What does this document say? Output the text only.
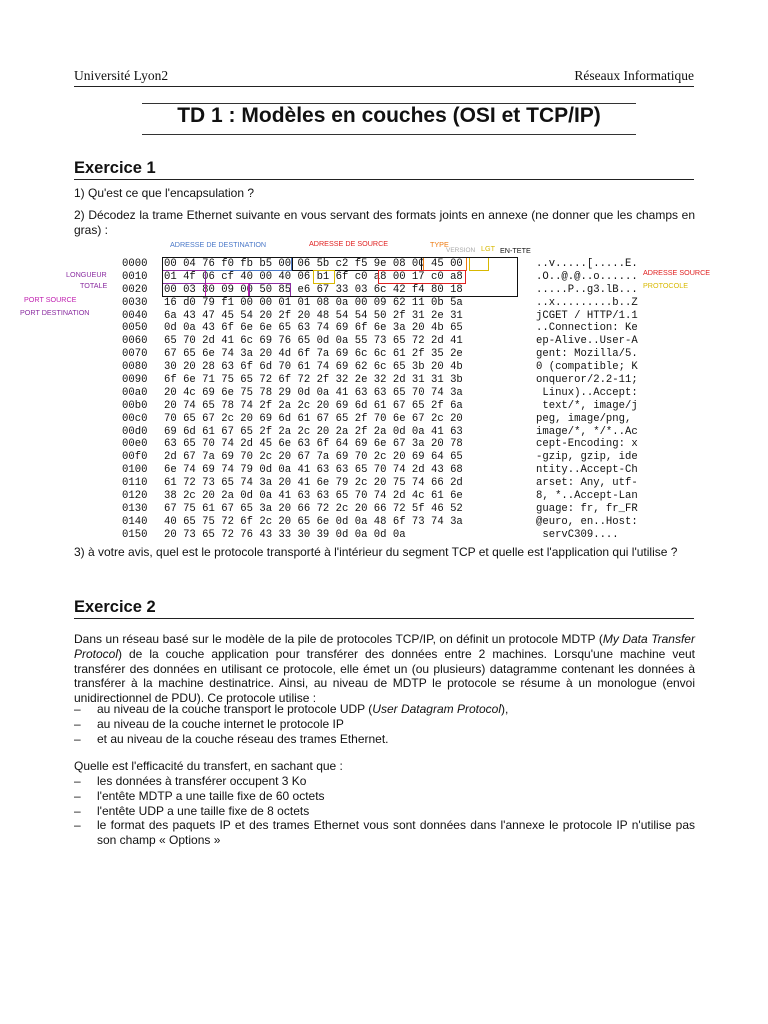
Université Lyon2	Réseaux Informatique
TD 1 : Modèles en couches (OSI et TCP/IP)
Exercice 1
1) Qu'est ce que l'encapsulation ?
2) Décodez la trame Ethernet suivante en vous servant des formats joints en annexe (ne donner que les champs en gras) :
ADRESSE DE DESTINATION	ADRESSE DE SOURCE	TYPE
VERSION LGT EN-TETE
LONGUEUR
TOTALE
ADRESSE SOURCE
PROTOCOLE
PORT SOURCE
PORT DESTINATION
0000 00 04 76 f0 fb b5 00 06 5b c2 f5 9e 08 00 45 00	..v.....[.....E.
0010 01 4f 06 cf 40 00 40 06 b1 6f c0 a8 00 17 c0 a8	.O..@.@..o......
0020 00 03 80 09 00 50 85 e6 67 33 03 6c 42 f4 80 18	.....P..g3.lB...
0030 16 d0 79 f1 00 00 01 01 08 0a 00 09 62 11 0b 5a	..x.........b..Z
0040 6a 43 47 45 54 20 2f 20 48 54 54 50 2f 31 2e 31	jCGET / HTTP/1.1
0050 0d 0a 43 6f 6e 6e 65 63 74 69 6f 6e 3a 20 4b 65	..Connection: Ke
0060 65 70 2d 41 6c 69 76 65 0d 0a 55 73 65 72 2d 41	ep-Alive..User-A
0070 67 65 6e 74 3a 20 4d 6f 7a 69 6c 6c 61 2f 35 2e	gent: Mozilla/5.
0080 30 20 28 63 6f 6d 70 61 74 69 62 6c 65 3b 20 4b	0 (compatible; K
0090 6f 6e 71 75 65 72 6f 72 2f 32 2e 32 2d 31 31 3b	onqueror/2.2-11;
00a0 20 4c 69 6e 75 78 29 0d 0a 41 63 63 65 70 74 3a	Linux)..Accept:
00b0 20 74 65 78 74 2f 2a 2c 20 69 6d 61 67 65 2f 6a	text/*, image/j
00c0 70 65 67 2c 20 69 6d 61 67 65 2f 70 6e 67 2c 20	peg, image/png,
00d0 69 6d 61 67 65 2f 2a 2c 20 2a 2f 2a 0d 0a 41 63	image/*, */*..Ac
00e0 63 65 70 74 2d 45 6e 63 6f 64 69 6e 67 3a 20 78	cept-Encoding: x
00f0 2d 67 7a 69 70 2c 20 67 7a 69 70 2c 20 69 64 65	-gzip, gzip, ide
0100 6e 74 69 74 79 0d 0a 41 63 63 65 70 74 2d 43 68	ntity..Accept-Ch
0110 61 72 73 65 74 3a 20 41 6e 79 2c 20 75 74 66 2d	arset: Any, utf-
0120 38 2c 20 2a 0d 0a 41 63 63 65 70 74 2d 4c 61 6e	8, *..Accept-Lan
0130 67 75 61 67 65 3a 20 66 72 2c 20 66 72 5f 46 52	guage: fr, fr_FR
0140 40 65 75 72 6f 2c 20 65 6e 0d 0a 48 6f 73 74 3a	@euro, en..Host:
0150 20 73 65 72 76 43 33 30 39 0d 0a 0d 0a	servC309....
3) à votre avis, quel est le protocole transporté à l'intérieur du segment TCP et quelle est l'application qui l'utilise ?
Exercice 2
Dans un réseau basé sur le modèle de la pile de protocoles TCP/IP, on définit un protocole MDTP (My Data Transfer Protocol) de la couche application pour transférer des données entre 2 machines. Lorsqu'une machine veut transférer des données en utilisant ce protocole, elle émet un (ou plusieurs) datagramme contenant les données à transférer à la machine destinatrice. Ainsi, au niveau de MDTP le protocole se résume à un monologue (envoi unidirectionnel de PDU). Ce protocole utilise :
– au niveau de la couche transport le protocole UDP (User Datagram Protocol),
– au niveau de la couche internet le protocole IP
– et au niveau de la couche réseau des trames Ethernet.
Quelle est l'efficacité du transfert, en sachant que :
– les données à transférer occupent 3 Ko
– l'entête MDTP a une taille fixe de 60 octets
– l'entête UDP a une taille fixe de 8 octets
– le format des paquets IP et des trames Ethernet vous sont données dans l'annexe le protocole IP n'utilise pas son champ « Options »
